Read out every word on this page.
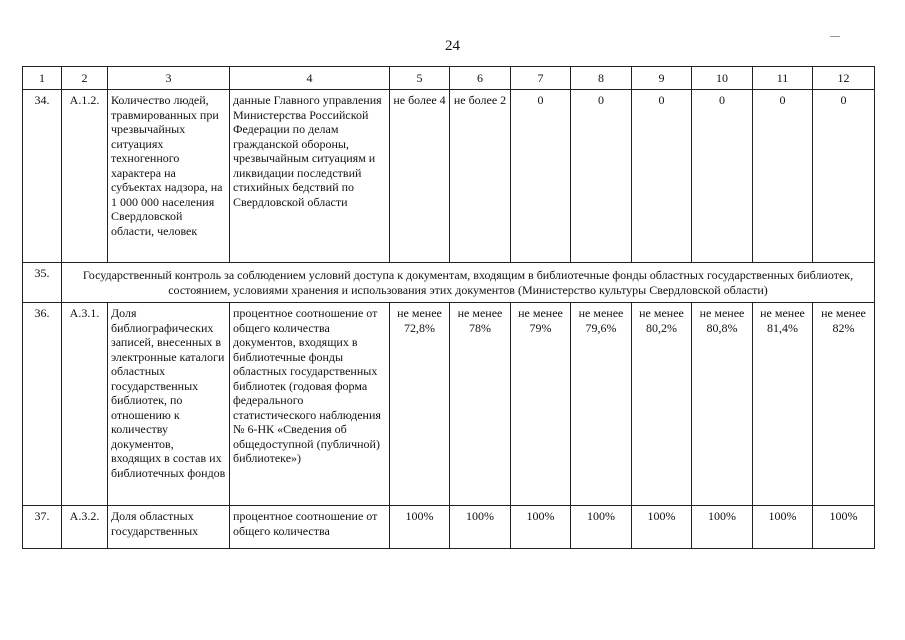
24
1	2	3	4	5	6	7	8	9	10	11	12
34.	А.1.2.	Количество людей, травмированных при чрезвычайных ситуациях техногенного характера на субъектах надзора, на 1 000 000 населения Свердловской области, человек	данные Главного управления Министерства Российской Федерации по делам гражданской обороны, чрезвычайным ситуациям и ликвидации последствий стихийных бедствий по Свердловской области	не более 4	не более 2	0	0	0	0	0	0
35.	Государственный контроль за соблюдением условий доступа к документам, входящим в библиотечные фонды областных государственных библиотек, состоянием, условиями хранения и использования этих документов (Министерство культуры Свердловской области)										
36.	А.3.1.	Доля библиографических записей, внесенных в электронные каталоги областных государственных библиотек, по отношению к количеству документов, входящих в состав их библиотечных фондов	процентное соотношение от общего количества документов, входящих в библиотечные фонды областных государственных библиотек (годовая форма федерального статистического наблюдения № 6-НК «Сведения об общедоступной (публичной) библиотеке»)	не менее 72,8%	не менее 78%	не менее 79%	не менее 79,6%	не менее 80,2%	не менее 80,8%	не менее 81,4%	не менее 82%
37.	А.3.2.	Доля областных государственных	процентное соотношение от общего количества	100%	100%	100%	100%	100%	100%	100%	100%
